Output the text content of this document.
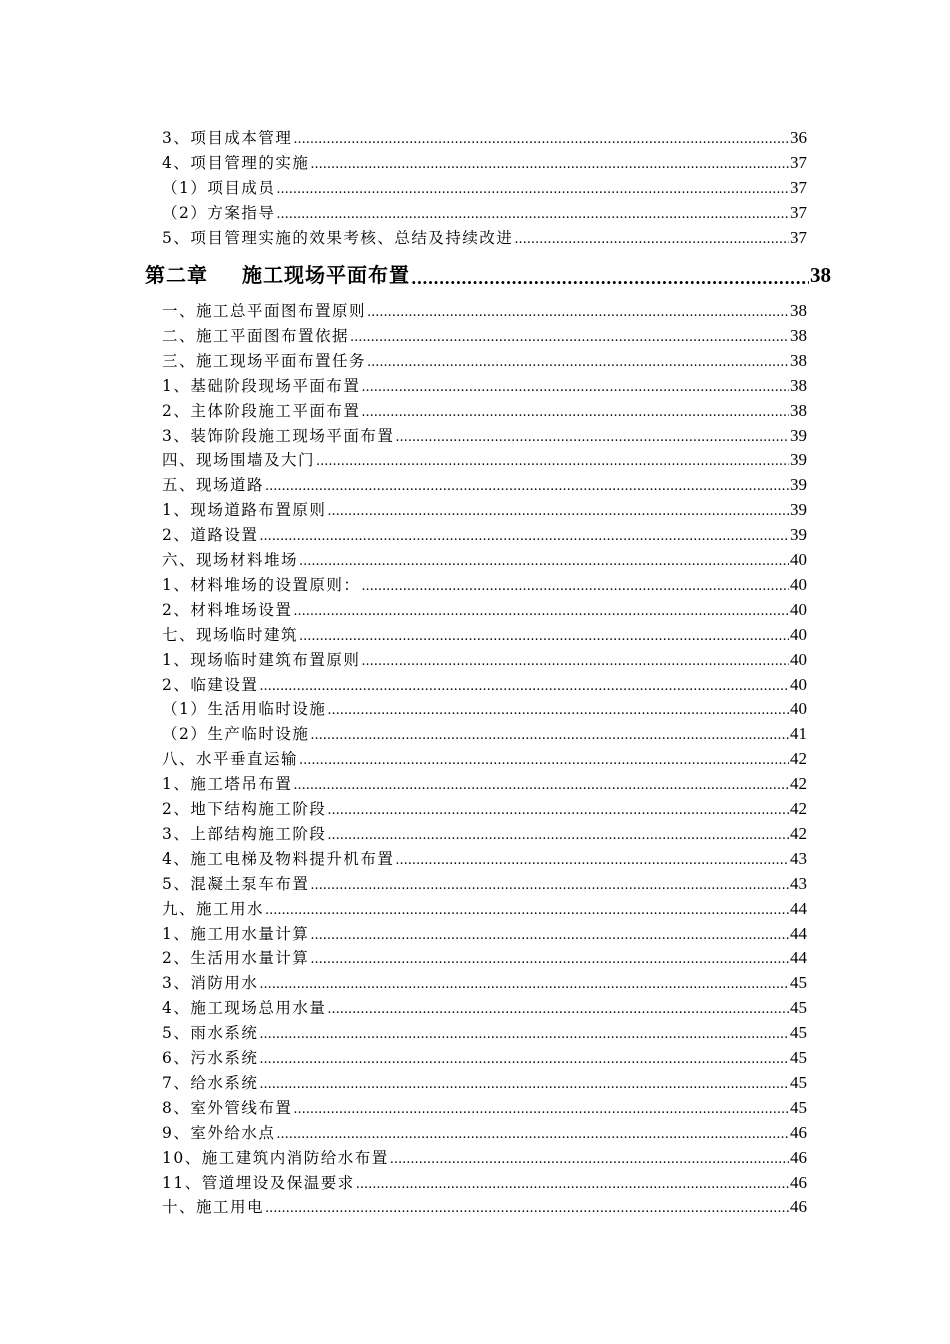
3、项目成本管理 .....	36
4、项目管理的实施 .....	37
（1）项目成员 .....	37
（2）方案指导 .....	37
5、项目管理实施的效果考核、总结及持续改进 .....	37
第二章 施工现场平面布置 .....	38
一、施工总平面图布置原则 .....	38
二、施工平面图布置依据 .....	38
三、施工现场平面布置任务 .....	38
1、基础阶段现场平面布置 .....	38
2、主体阶段施工平面布置 .....	38
3、装饰阶段施工现场平面布置 .....	39
四、现场围墙及大门 .....	39
五、现场道路 .....	39
1、现场道路布置原则 .....	39
2、道路设置 .....	39
六、现场材料堆场 .....	40
1、材料堆场的设置原则： .....	40
2、材料堆场设置 .....	40
七、现场临时建筑 .....	40
1、现场临时建筑布置原则 .....	40
2、临建设置 .....	40
（1）生活用临时设施 .....	40
（2）生产临时设施 .....	41
八、水平垂直运输 .....	42
1、施工塔吊布置 .....	42
2、地下结构施工阶段 .....	42
3、上部结构施工阶段 .....	42
4、施工电梯及物料提升机布置 .....	43
5、混凝土泵车布置 .....	43
九、施工用水 .....	44
1、施工用水量计算 .....	44
2、生活用水量计算 .....	44
3、消防用水 .....	45
4、施工现场总用水量 .....	45
5、雨水系统 .....	45
6、污水系统 .....	45
7、给水系统 .....	45
8、室外管线布置 .....	45
9、室外给水点 .....	46
10、施工建筑内消防给水布置 .....	46
11、管道埋设及保温要求 .....	46
十、施工用电 .....	46
